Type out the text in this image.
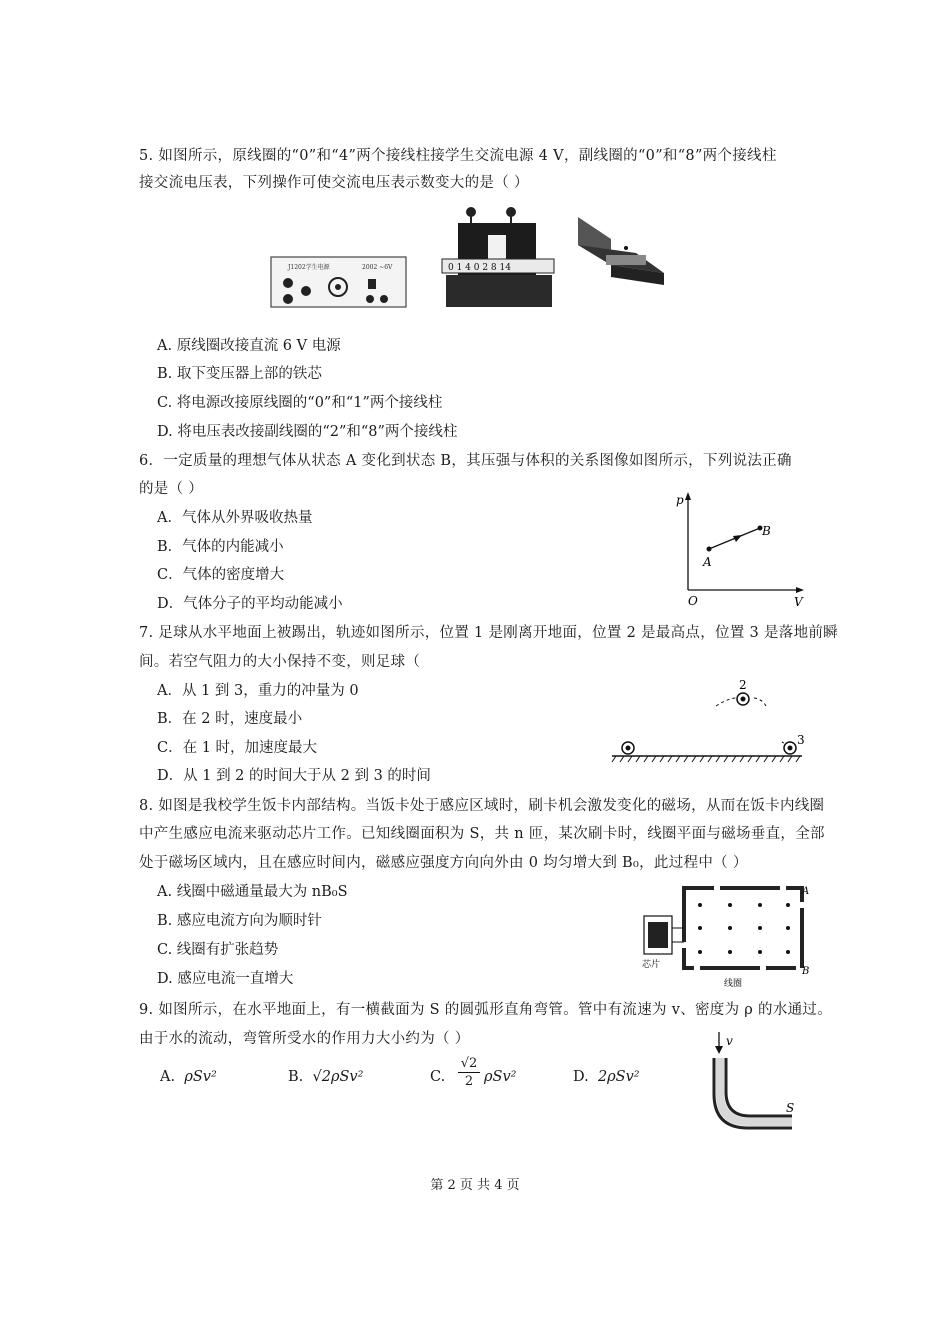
5. 如图所示，原线圈的“0”和“4”两个接线柱接学生交流电源 4 V，副线圈的“0”和“8”两个接线柱
接交流电压表，下列操作可使交流电压表示数变大的是（ ）
J1202学生电源	2002 ~6V	0 1 4 0 2 8 14
A. 原线圈改接直流 6 V 电源
B. 取下变压器上部的铁芯
C. 将电源改接原线圈的“0”和“1”两个接线柱
D. 将电压表改接副线圈的“2”和“8”两个接线柱
6．一定质量的理想气体从状态 A 变化到状态 B，其压强与体积的关系图像如图所示，下列说法正确
的是（ ）
A．气体从外界吸收热量
B．气体的内能减小
C．气体的密度增大
D．气体分子的平均动能减小
p
V
O
A
B
7. 足球从水平地面上被踢出，轨迹如图所示，位置 1 是刚离开地面，位置 2 是最高点，位置 3 是落地前瞬
间。若空气阻力的大小保持不变，则足球（
A．从 1 到 3，重力的冲量为 0
B．在 2 时，速度最小
C．在 1 时，加速度最大
D．从 1 到 2 的时间大于从 2 到 3 的时间
2
3
8. 如图是我校学生饭卡内部结构。当饭卡处于感应区域时，刷卡机会激发变化的磁场，从而在饭卡内线圈
中产生感应电流来驱动芯片工作。已知线圈面积为 S，共 n 匝，某次刷卡时，线圈平面与磁场垂直，全部
处于磁场区域内，且在感应时间内，磁感应强度方向向外由 0 均匀增大到 B₀，此过程中（ ）
A. 线圈中磁通量最大为 nB₀S
B. 感应电流方向为顺时针
C. 线圈有扩张趋势
D. 感应电流一直增大
芯片
线圈
A
B
9. 如图所示，在水平地面上，有一横截面为 S 的圆弧形直角弯管。管中有流速为 v、密度为 ρ 的水通过。
由于水的流动，弯管所受水的作用力大小约为（ ）
A. ρSv²	B. √2ρSv²	C. $\frac{√2}{2} \rho Sv^2$	D. 2ρSv²
v
S
第 2 页 共 4 页
